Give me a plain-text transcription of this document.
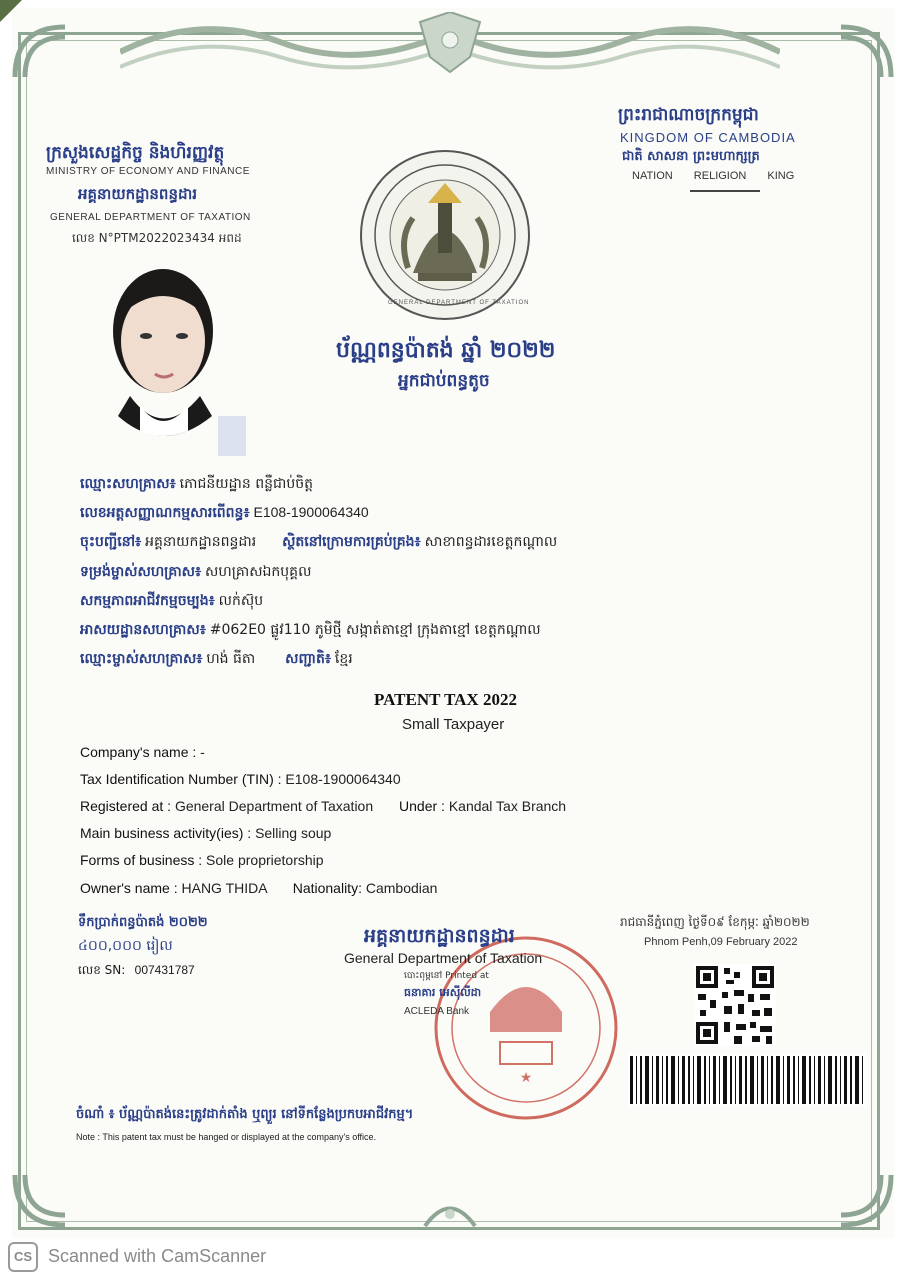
ក្រសួងសេដ្ឋកិច្ច និងហិរញ្ញវត្ថុ
MINISTRY OF ECONOMY AND FINANCE
អគ្គនាយកដ្ឋានពន្ធដារ
GENERAL DEPARTMENT OF TAXATION
លេខ N°PTM2022023434 អពដ
ព្រះរាជាណាចក្រកម្ពុជា
KINGDOM OF CAMBODIA
ជាតិ សាសនា ព្រះមហាក្សត្រ
NATION RELIGION KING
GENERAL DEPARTMENT OF TAXATION
ប័ណ្ណពន្ធប៉ាតង់ ឆ្នាំ ២០២២
អ្នកជាប់ពន្ធតូច
ឈ្មោះសហគ្រាស៖ ភោជនីយដ្ឋាន ពន្លឺជាប់ចិត្ត
លេខអត្តសញ្ញាណកម្មសារពើពន្ធ៖ E108-1900064340
ចុះបញ្ជីនៅ៖ អគ្គនាយកដ្ឋានពន្ធដារ ស្ថិតនៅក្រោមការគ្រប់គ្រង៖ សាខាពន្ធដារខេត្តកណ្ដាល
ទម្រង់ម្ចាស់សហគ្រាស៖ សហគ្រាសឯកបុគ្គល
សកម្មភាពអាជីវកម្មចម្បង៖ លក់ស៊ុប
អាសយដ្ឋានសហគ្រាស៖ #062E0 ផ្លូវ110 ភូមិថ្មី សង្កាត់តាខ្មៅ ក្រុងតាខ្មៅ ខេត្តកណ្ដាល
ឈ្មោះម្ចាស់សហគ្រាស៖ ហង់ ធីតា សញ្ជាតិ៖ ខ្មែរ
PATENT TAX 2022
Small Taxpayer
Company's name : -
Tax Identification Number (TIN) : E108-1900064340
Registered at : General Department of Taxation Under : Kandal Tax Branch
Main business activity(ies) : Selling soup
Forms of business : Sole proprietorship
Owner's name : HANG THIDA Nationality: Cambodian
ទឹកប្រាក់ពន្ធប៉ាតង់ ២០២២
៤០០,០០០ រៀល
លេខ SN: 007431787
★
អគ្គនាយកដ្ឋានពន្ធដារ
General Department of Taxation
បោះពុម្ពនៅ Printed at
ធនាគារ អេស៊ីលីដា
ACLEDA Bank
រាជធានីភ្នំពេញ ថ្ងៃទី០៩ ខែកុម្ភៈ ឆ្នាំ២០២២
Phnom Penh,09 February 2022
ចំណាំ ៖ ប័ណ្ណប៉ាតង់នេះត្រូវដាក់តាំង ឬព្យួរ នៅទីកន្លែងប្រកបអាជីវកម្ម។
Note : This patent tax must be hanged or displayed at the company's office.
CS Scanned with CamScanner
